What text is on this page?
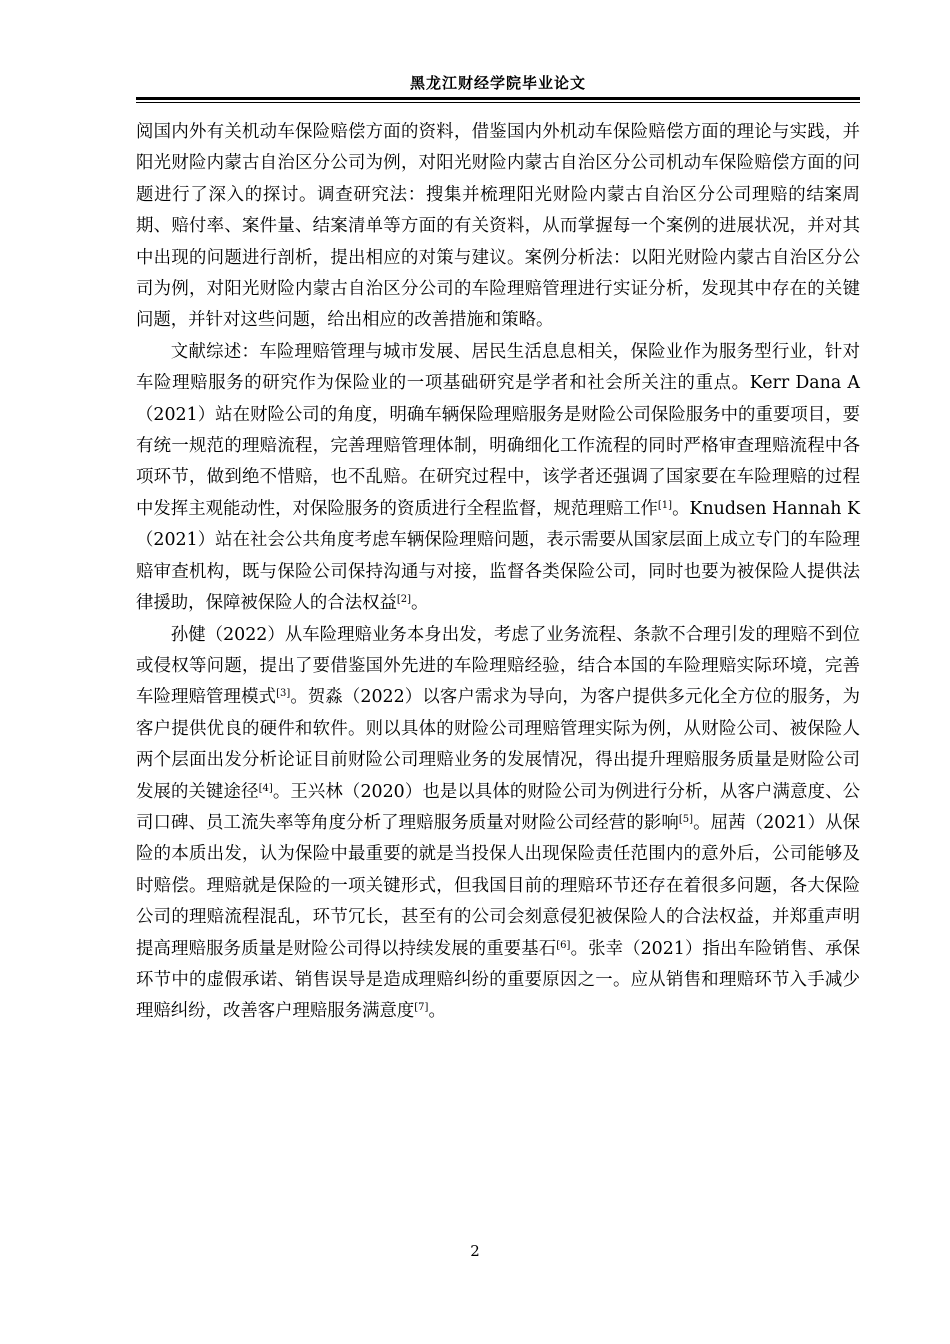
黑龙江财经学院毕业论文

阅国内外有关机动车保险赔偿方面的资料，借鉴国内外机动车保险赔偿方面的理论与实践，并阳光财险内蒙古自治区分公司为例，对阳光财险内蒙古自治区分公司机动车保险赔偿方面的问题进行了深入的探讨。调查研究法：搜集并梳理阳光财险内蒙古自治区分公司理赔的结案周期、赔付率、案件量、结案清单等方面的有关资料，从而掌握每一个案例的进展状况，并对其中出现的问题进行剖析，提出相应的对策与建议。案例分析法：以阳光财险内蒙古自治区分公司为例，对阳光财险内蒙古自治区分公司的车险理赔管理进行实证分析，发现其中存在的关键问题，并针对这些问题，给出相应的改善措施和策略。

文献综述：车险理赔管理与城市发展、居民生活息息相关，保险业作为服务型行业，针对车险理赔服务的研究作为保险业的一项基础研究是学者和社会所关注的重点。Kerr Dana A（2021）站在财险公司的角度，明确车辆保险理赔服务是财险公司保险服务中的重要项目，要有统一规范的理赔流程，完善理赔管理体制，明确细化工作流程的同时严格审查理赔流程中各项环节，做到绝不惜赔，也不乱赔。在研究过程中，该学者还强调了国家要在车险理赔的过程中发挥主观能动性，对保险服务的资质进行全程监督，规范理赔工作[1]。Knudsen Hannah K（2021）站在社会公共角度考虑车辆保险理赔问题，表示需要从国家层面上成立专门的车险理赔审查机构，既与保险公司保持沟通与对接，监督各类保险公司，同时也要为被保险人提供法律援助，保障被保险人的合法权益[2]。

孙健（2022）从车险理赔业务本身出发，考虑了业务流程、条款不合理引发的理赔不到位或侵权等问题，提出了要借鉴国外先进的车险理赔经验，结合本国的车险理赔实际环境，完善车险理赔管理模式[3]。贺淼（2022）以客户需求为导向，为客户提供多元化全方位的服务，为客户提供优良的硬件和软件。则以具体的财险公司理赔管理实际为例，从财险公司、被保险人两个层面出发分析论证目前财险公司理赔业务的发展情况，得出提升理赔服务质量是财险公司发展的关键途径[4]。王兴林（2020）也是以具体的财险公司为例进行分析，从客户满意度、公司口碑、员工流失率等角度分析了理赔服务质量对财险公司经营的影响[5]。屈茜（2021）从保险的本质出发，认为保险中最重要的就是当投保人出现保险责任范围内的意外后，公司能够及时赔偿。理赔就是保险的一项关键形式，但我国目前的理赔环节还存在着很多问题，各大保险公司的理赔流程混乱，环节冗长，甚至有的公司会刻意侵犯被保险人的合法权益，并郑重声明提高理赔服务质量是财险公司得以持续发展的重要基石[6]。张幸（2021）指出车险销售、承保环节中的虚假承诺、销售误导是造成理赔纠纷的重要原因之一。应从销售和理赔环节入手减少理赔纠纷，改善客户理赔服务满意度[7]。

2
